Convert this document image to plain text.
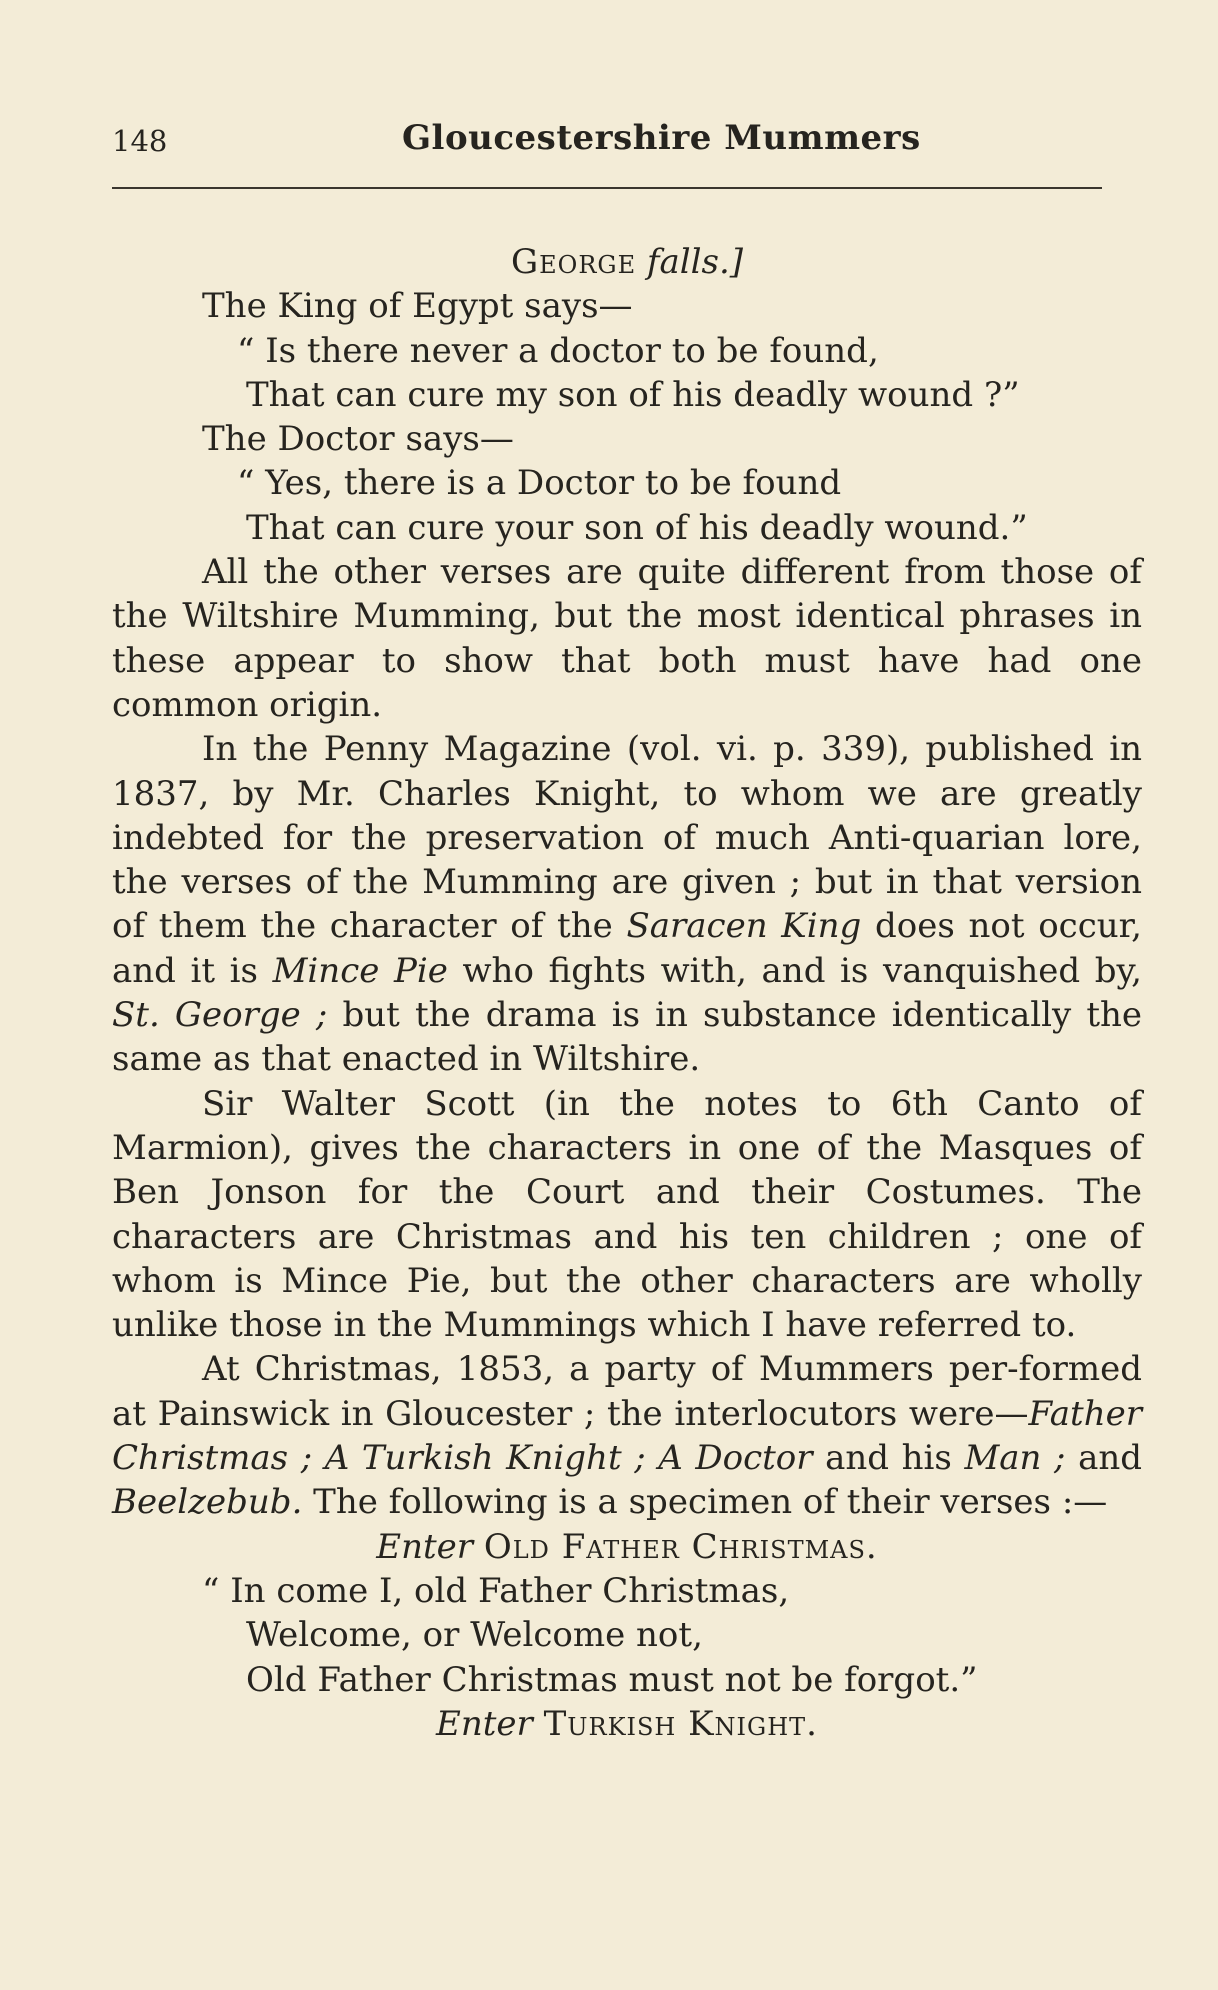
148	Gloucestershire Mummers

George falls.]

The King of Egypt says—

“ Is there never a doctor to be found,

That can cure my son of his deadly wound ?”

The Doctor says—

“ Yes, there is a Doctor to be found

That can cure your son of his deadly wound.”

All the other verses are quite different from those of the Wiltshire Mumming, but the most identical phrases in these appear to show that both must have had one common origin.

In the Penny Magazine (vol. vi. p. 339), published in 1837, by Mr. Charles Knight, to whom we are greatly indebted for the preservation of much Anti-quarian lore, the verses of the Mumming are given ; but in that version of them the character of the Saracen King does not occur, and it is Mince Pie who fights with, and is vanquished by, St. George ; but the drama is in substance identically the same as that enacted in Wiltshire.

Sir Walter Scott (in the notes to 6th Canto of Marmion), gives the characters in one of the Masques of Ben Jonson for the Court and their Costumes. The characters are Christmas and his ten children ; one of whom is Mince Pie, but the other characters are wholly unlike those in the Mummings which I have referred to.

At Christmas, 1853, a party of Mummers per-formed at Painswick in Gloucester ; the interlocutors were—Father Christmas ; A Turkish Knight ; A Doctor and his Man ; and Beelzebub. The following is a specimen of their verses :—

Enter Old Father Christmas.

“ In come I, old Father Christmas,

Welcome, or Welcome not,

Old Father Christmas must not be forgot.”

Enter Turkish Knight.
